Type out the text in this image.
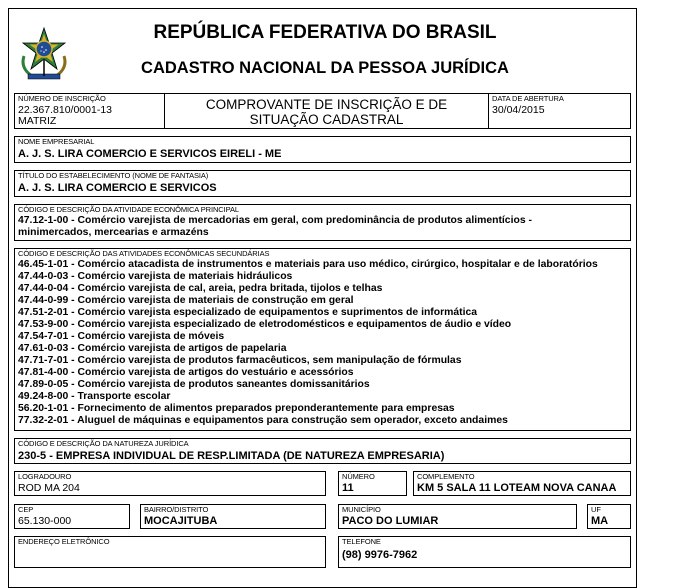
REPÚBLICA FEDERATIVA DO BRASIL
CADASTRO NACIONAL DA PESSOA JURÍDICA
NÚMERO DE INSCRIÇÃO
22.367.810/0001-13
MATRIZ
COMPROVANTE DE INSCRIÇÃO E DE
SITUAÇÃO CADASTRAL
DATA DE ABERTURA
30/04/2015
NOME EMPRESARIAL
A. J. S. LIRA COMERCIO E SERVICOS EIRELI - ME
TÍTULO DO ESTABELECIMENTO (NOME DE FANTASIA)
A. J. S. LIRA COMERCIO E SERVICOS
CÓDIGO E DESCRIÇÃO DA ATIVIDADE ECONÔMICA PRINCIPAL
47.12-1-00 - Comércio varejista de mercadorias em geral, com predominância de produtos alimentícios -
minimercados, mercearias e armazéns
CÓDIGO E DESCRIÇÃO DAS ATIVIDADES ECONÔMICAS SECUNDÁRIAS
46.45-1-01 - Comércio atacadista de instrumentos e materiais para uso médico, cirúrgico, hospitalar e de laboratórios
47.44-0-03 - Comércio varejista de materiais hidráulicos
47.44-0-04 - Comércio varejista de cal, areia, pedra britada, tijolos e telhas
47.44-0-99 - Comércio varejista de materiais de construção em geral
47.51-2-01 - Comércio varejista especializado de equipamentos e suprimentos de informática
47.53-9-00 - Comércio varejista especializado de eletrodomésticos e equipamentos de áudio e vídeo
47.54-7-01 - Comércio varejista de móveis
47.61-0-03 - Comércio varejista de artigos de papelaria
47.71-7-01 - Comércio varejista de produtos farmacêuticos, sem manipulação de fórmulas
47.81-4-00 - Comércio varejista de artigos do vestuário e acessórios
47.89-0-05 - Comércio varejista de produtos saneantes domissanitários
49.24-8-00 - Transporte escolar
56.20-1-01 - Fornecimento de alimentos preparados preponderantemente para empresas
77.32-2-01 - Aluguel de máquinas e equipamentos para construção sem operador, exceto andaimes
CÓDIGO E DESCRIÇÃO DA NATUREZA JURÍDICA
230-5 - EMPRESA INDIVIDUAL DE RESP.LIMITADA (DE NATUREZA EMPRESARIA)
LOGRADOURO
ROD MA 204
NÚMERO
11
COMPLEMENTO
KM 5 SALA 11 LOTEAM NOVA CANAA
CEP
65.130-000
BAIRRO/DISTRITO
MOCAJITUBA
MUNICÍPIO
PACO DO LUMIAR
UF
MA
ENDEREÇO ELETRÔNICO	TELEFONE
(98) 9976-7962
